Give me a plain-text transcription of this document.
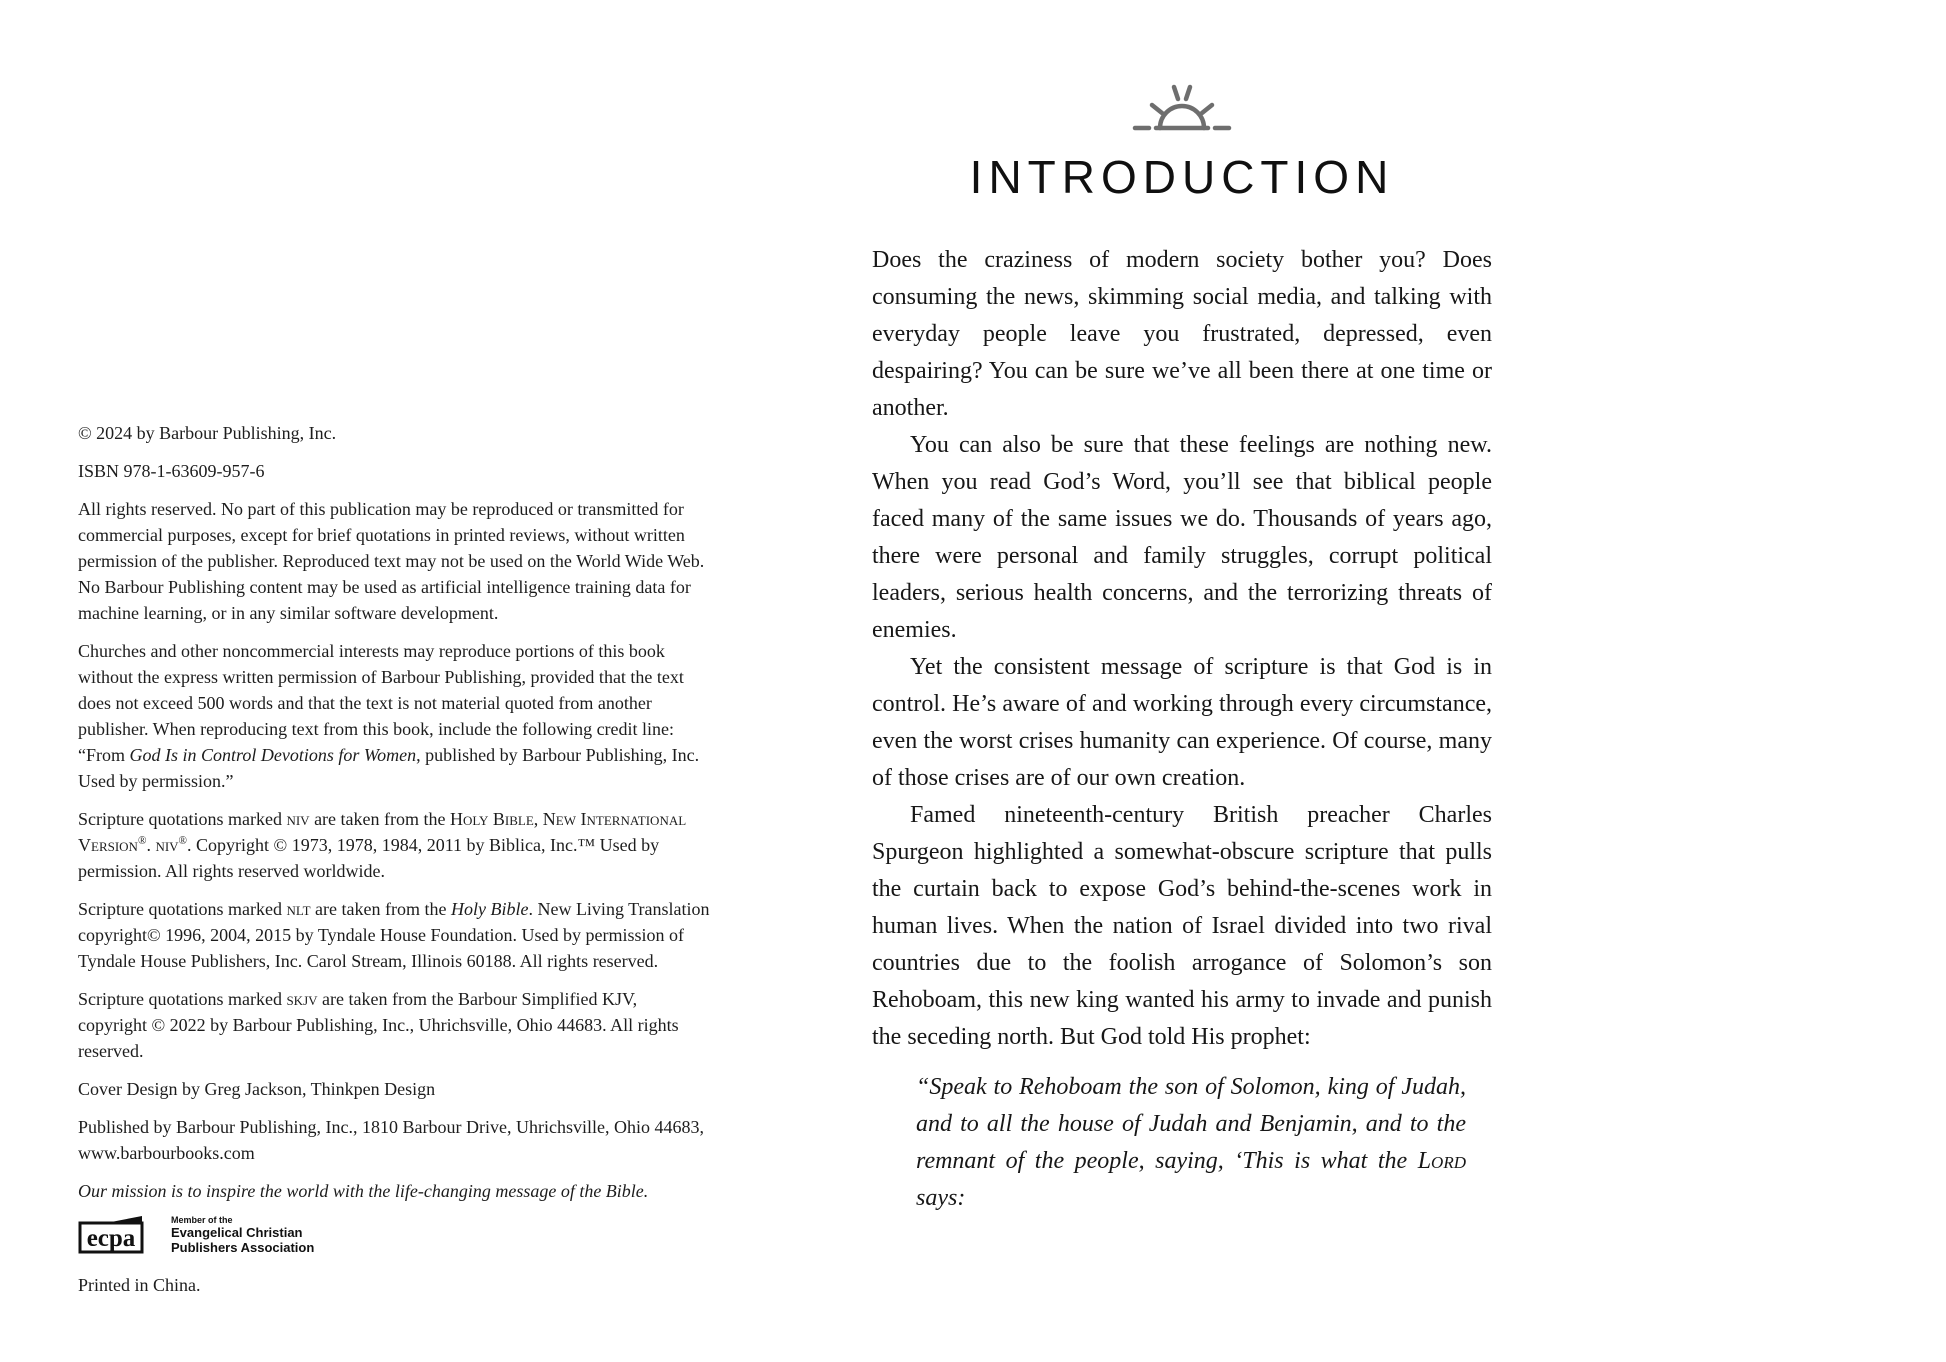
© 2024 by Barbour Publishing, Inc.

ISBN 978-1-63609-957-6

All rights reserved. No part of this publication may be reproduced or transmitted for commercial purposes, except for brief quotations in printed reviews, without written permission of the publisher. Reproduced text may not be used on the World Wide Web. No Barbour Publishing content may be used as artificial intelligence training data for machine learning, or in any similar software development.

Churches and other noncommercial interests may reproduce portions of this book without the express written permission of Barbour Publishing, provided that the text does not exceed 500 words and that the text is not material quoted from another publisher. When reproducing text from this book, include the following credit line: “From God Is in Control Devotions for Women, published by Barbour Publishing, Inc. Used by permission.”

Scripture quotations marked niv are taken from the Holy Bible, New International Version®. niv®. Copyright © 1973, 1978, 1984, 2011 by Biblica, Inc.™ Used by permission. All rights reserved worldwide.

Scripture quotations marked nlt are taken from the Holy Bible. New Living Translation copyright© 1996, 2004, 2015 by Tyndale House Foundation. Used by permission of Tyndale House Publishers, Inc. Carol Stream, Illinois 60188. All rights reserved.

Scripture quotations marked skjv are taken from the Barbour Simplified KJV, copyright © 2022 by Barbour Publishing, Inc., Uhrichsville, Ohio 44683. All rights reserved.

Cover Design by Greg Jackson, Thinkpen Design

Published by Barbour Publishing, Inc., 1810 Barbour Drive, Uhrichsville, Ohio 44683, www.barbourbooks.com

Our mission is to inspire the world with the life-changing message of the Bible.

ecpa
Member of the
Evangelical Christian
Publishers Association

Printed in China.

INTRODUCTION

Does the craziness of modern society bother you? Does consuming the news, skimming social media, and talking with everyday people leave you frustrated, depressed, even despairing? You can be sure we’ve all been there at one time or another.

You can also be sure that these feelings are nothing new. When you read God’s Word, you’ll see that biblical people faced many of the same issues we do. Thousands of years ago, there were personal and family struggles, corrupt political leaders, serious health concerns, and the terrorizing threats of enemies.

Yet the consistent message of scripture is that God is in control. He’s aware of and working through every circumstance, even the worst crises humanity can experience. Of course, many of those crises are of our own creation.

Famed nineteenth-century British preacher Charles Spurgeon highlighted a somewhat-obscure scripture that pulls the curtain back to expose God’s behind-the-scenes work in human lives. When the nation of Israel divided into two rival countries due to the foolish arrogance of Solomon’s son Rehoboam, this new king wanted his army to invade and punish the seceding north. But God told His prophet:

“Speak to Rehoboam the son of Solomon, king of Judah, and to all the house of Judah and Benjamin, and to the remnant of the people, saying, ‘This is what the Lord says:
